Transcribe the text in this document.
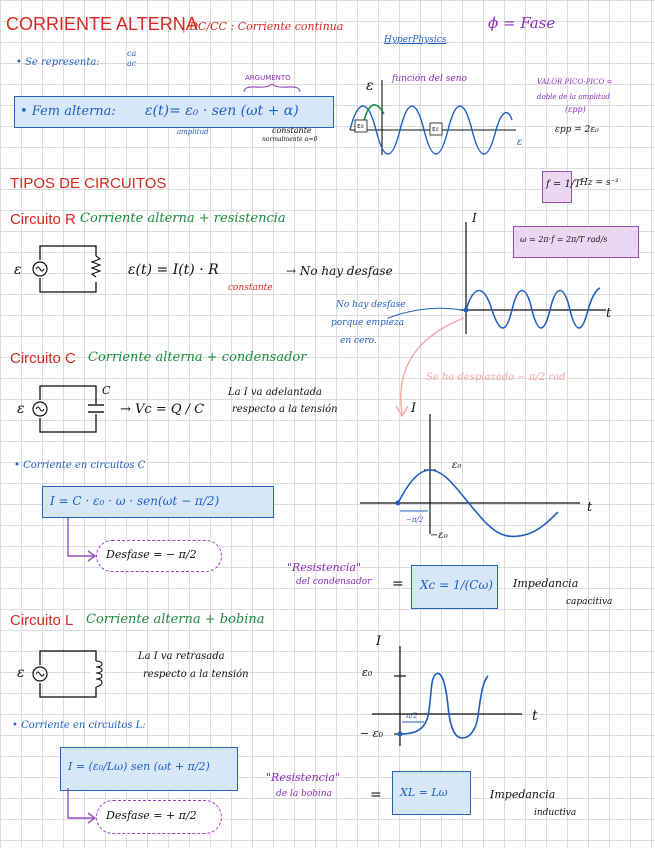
CORRIENTE ALTERNA
| DC/CC : Corriente continua	ϕ = Fase
HyperPhysics
• Se representa:
ca
ac
ARGUMENTO
• Fem alterna: ε(t)= ε₀ · sen (ωt + α)
amplitud	constante
normalmente α=0
función del seno
ε
ε
ε₀	ε₀
VALOR PICO-PICO =
doble de la amplitud
(εpp)
εpp = 2ε₀
TIPOS DE CIRCUITOS	f = 1/T Hz = s⁻¹
ω = 2π·f = 2π/T rad/s
Circuito R Corriente alterna + resistencia
ε	ε(t) = I(t) · R
constante
→ No hay desfase
No hay desfase
porque empieza
en cero.
I
t
Circuito C Corriente alterna + condensador
ε
C
→ Vc = Q / C
La I va adelantada
respecto a la tensión
Se ha desplazado − π/2 rad
I
t
ε₀
−ε₀
−π/2
• Corriente en circuitos C
I = C · ε₀ · ω · sen(ωt − π/2)
Desfase = − π/2
"Resistencia"
del condensador = Xc = 1/(Cω) Impedancia
capacitiva
Circuito L Corriente alterna + bobina
ε
La I va retrasada
respecto a la tensión
I
t
ε₀
− ε₀
π/2
• Corriente en circuitos L:
I = (ε₀/Lω) sen (ωt + π/2)
Desfase = + π/2
"Resistencia"
de la bobina	= XL = Lω	Impedancia
inductiva
